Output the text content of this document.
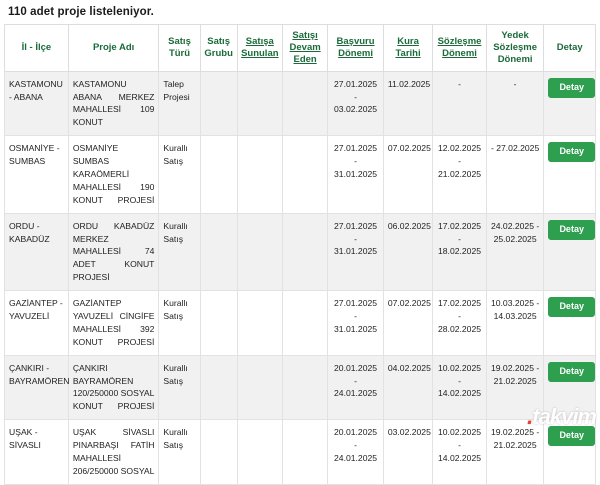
110 adet proje listeleniyor.
İl - İlçe	Proje Adı	Satış Türü	Satış Grubu	Satışa Sunulan	Satışı Devam Eden	Başvuru Dönemi	Kura Tarihi	Sözleşme Dönemi	Yedek Sözleşme Dönemi	Detay
KASTAMONU - ABANA	KASTAMONU ABANA MERKEZ MAHALLESİ 109 KONUT	Talep Projesi				27.01.2025 - 03.02.2025	11.02.2025	-	-	Detay
OSMANİYE - SUMBAS	OSMANİYE SUMBAS KARAÖMERLİ MAHALLESİ 190 KONUT PROJESİ	Kurallı Satış				27.01.2025 - 31.01.2025	07.02.2025	12.02.2025 - 21.02.2025	- 27.02.2025	Detay
ORDU - KABADÜZ	ORDU KABADÜZ MERKEZ MAHALLESİ 74 ADET KONUT PROJESİ	Kurallı Satış				27.01.2025 - 31.01.2025	06.02.2025	17.02.2025 - 18.02.2025	24.02.2025 - 25.02.2025	Detay
GAZİANTEP - YAVUZELİ	GAZİANTEP YAVUZELİ CİNGİFE MAHALLESİ 392 KONUT PROJESİ	Kurallı Satış				27.01.2025 - 31.01.2025	07.02.2025	17.02.2025 - 28.02.2025	10.03.2025 - 14.03.2025	Detay
ÇANKIRI - BAYRAMÖREN	ÇANKIRI BAYRAMÖREN 120/250000 SOSYAL KONUT PROJESİ	Kurallı Satış				20.01.2025 - 24.01.2025	04.02.2025	10.02.2025 - 14.02.2025	19.02.2025 - 21.02.2025	Detay
UŞAK - SİVASLI	UŞAK SİVASLI PINARBAŞI FATİH MAHALLESİ 206/250000 SOSYAL	Kurallı Satış				20.01.2025 - 24.01.2025	03.02.2025	10.02.2025 - 14.02.2025	19.02.2025 - 21.02.2025	Detay
.takvim
